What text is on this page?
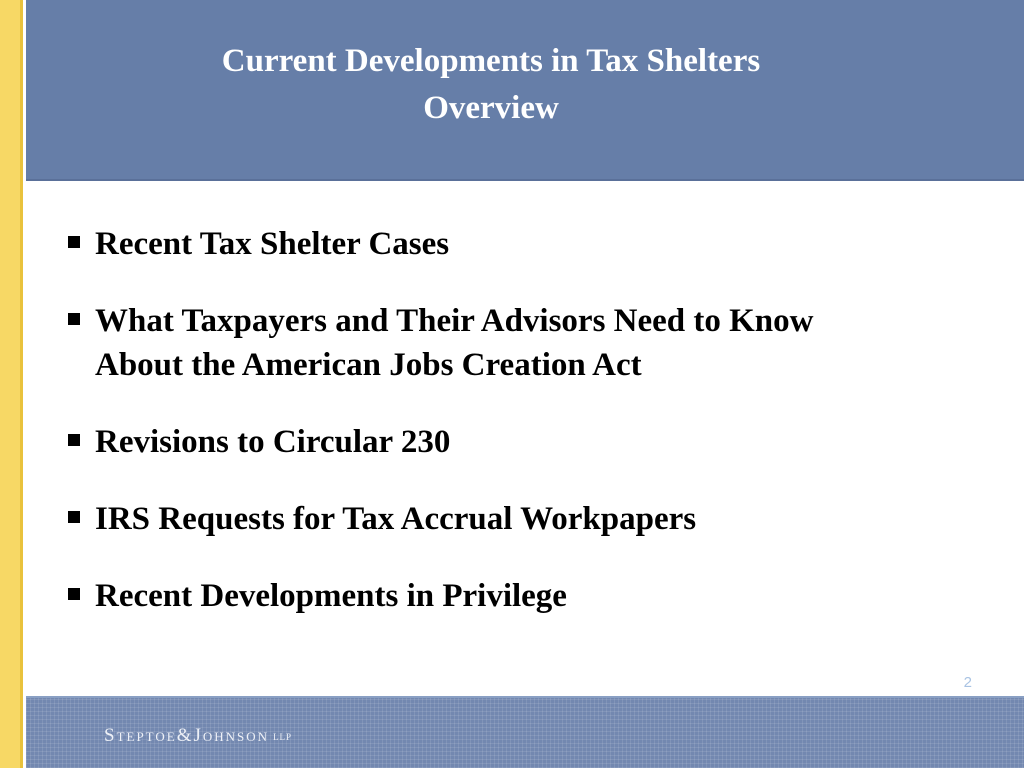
Current Developments in Tax Shelters
Overview
Recent Tax Shelter Cases
What Taxpayers and Their Advisors Need to Know
About the American Jobs Creation Act
Revisions to Circular 230
IRS Requests for Tax Accrual Workpapers
Recent Developments in Privilege
2
Steptoe&Johnson LLP
